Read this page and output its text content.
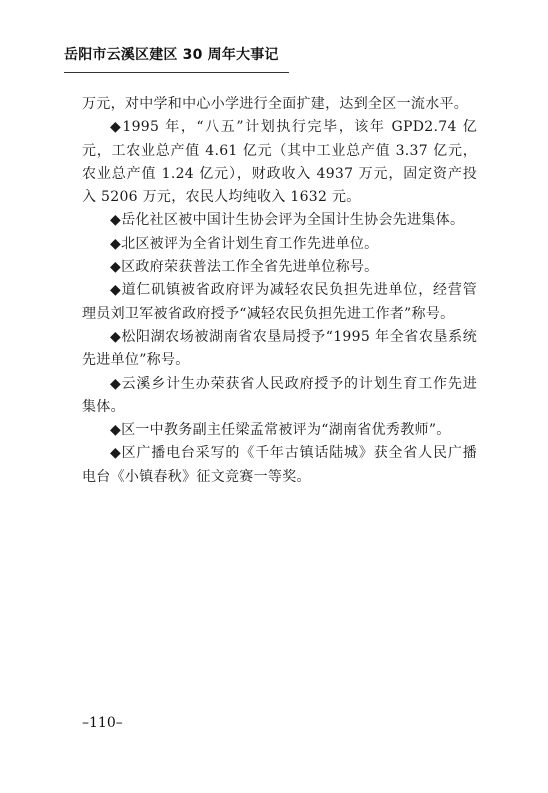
岳阳市云溪区建区 30 周年大事记

万元，对中学和中心小学进行全面扩建，达到全区一流水平。

◆1995 年，“八五”计划执行完毕，该年 GPD2.74 亿元，工农业总产值 4.61 亿元（其中工业总产值 3.37 亿元，农业总产值 1.24 亿元），财政收入 4937 万元，固定资产投入 5206 万元，农民人均纯收入 1632 元。

◆岳化社区被中国计生协会评为全国计生协会先进集体。

◆北区被评为全省计划生育工作先进单位。

◆区政府荣获普法工作全省先进单位称号。

◆道仁矶镇被省政府评为减轻农民负担先进单位，经营管理员刘卫军被省政府授予“减轻农民负担先进工作者”称号。

◆松阳湖农场被湖南省农垦局授予“1995 年全省农垦系统先进单位”称号。

◆云溪乡计生办荣获省人民政府授予的计划生育工作先进集体。

◆区一中教务副主任梁孟常被评为“湖南省优秀教师”。

◆区广播电台采写的《千年古镇话陆城》获全省人民广播电台《小镇春秋》征文竞赛一等奖。

–110–
